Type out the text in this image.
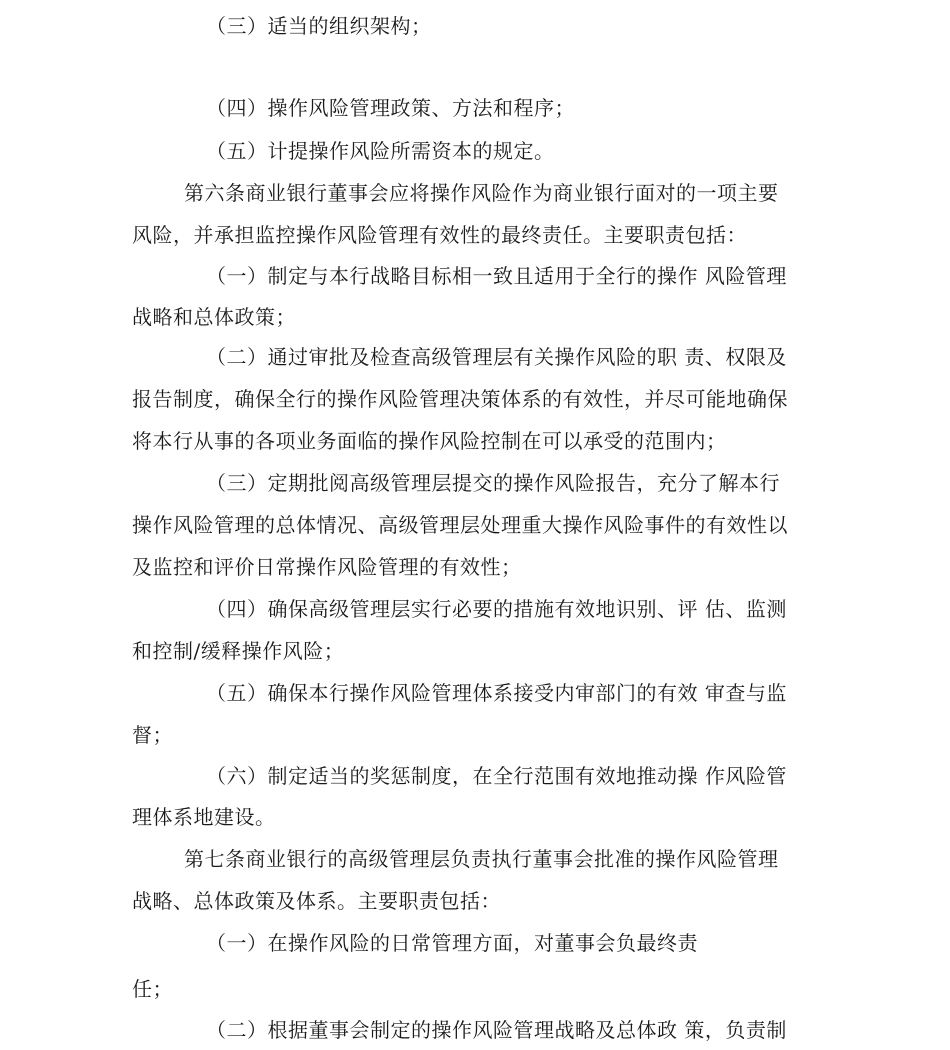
（三）适当的组织架构；
（四）操作风险管理政策、方法和程序；
（五）计提操作风险所需资本的规定。
第六条商业银行董事会应将操作风险作为商业银行面对的一项主要
风险，并承担监控操作风险管理有效性的最终责任。主要职责包括：
（一）制定与本行战略目标相一致且适用于全行的操作 风险管理
战略和总体政策；
（二）通过审批及检查高级管理层有关操作风险的职 责、权限及
报告制度，确保全行的操作风险管理决策体系的有效性，并尽可能地确保
将本行从事的各项业务面临的操作风险控制在可以承受的范围内；
（三）定期批阅高级管理层提交的操作风险报告，充分了解本行
操作风险管理的总体情况、高级管理层处理重大操作风险事件的有效性以
及监控和评价日常操作风险管理的有效性；
（四）确保高级管理层实行必要的措施有效地识别、评 估、监测
和控制/缓释操作风险；
（五）确保本行操作风险管理体系接受内审部门的有效 审查与监
督；
（六）制定适当的奖惩制度，在全行范围有效地推动操 作风险管
理体系地建设。
第七条商业银行的高级管理层负责执行董事会批准的操作风险管理
战略、总体政策及体系。主要职责包括：
（一）在操作风险的日常管理方面，对董事会负最终责
任；
（二）根据董事会制定的操作风险管理战略及总体政 策，负责制
